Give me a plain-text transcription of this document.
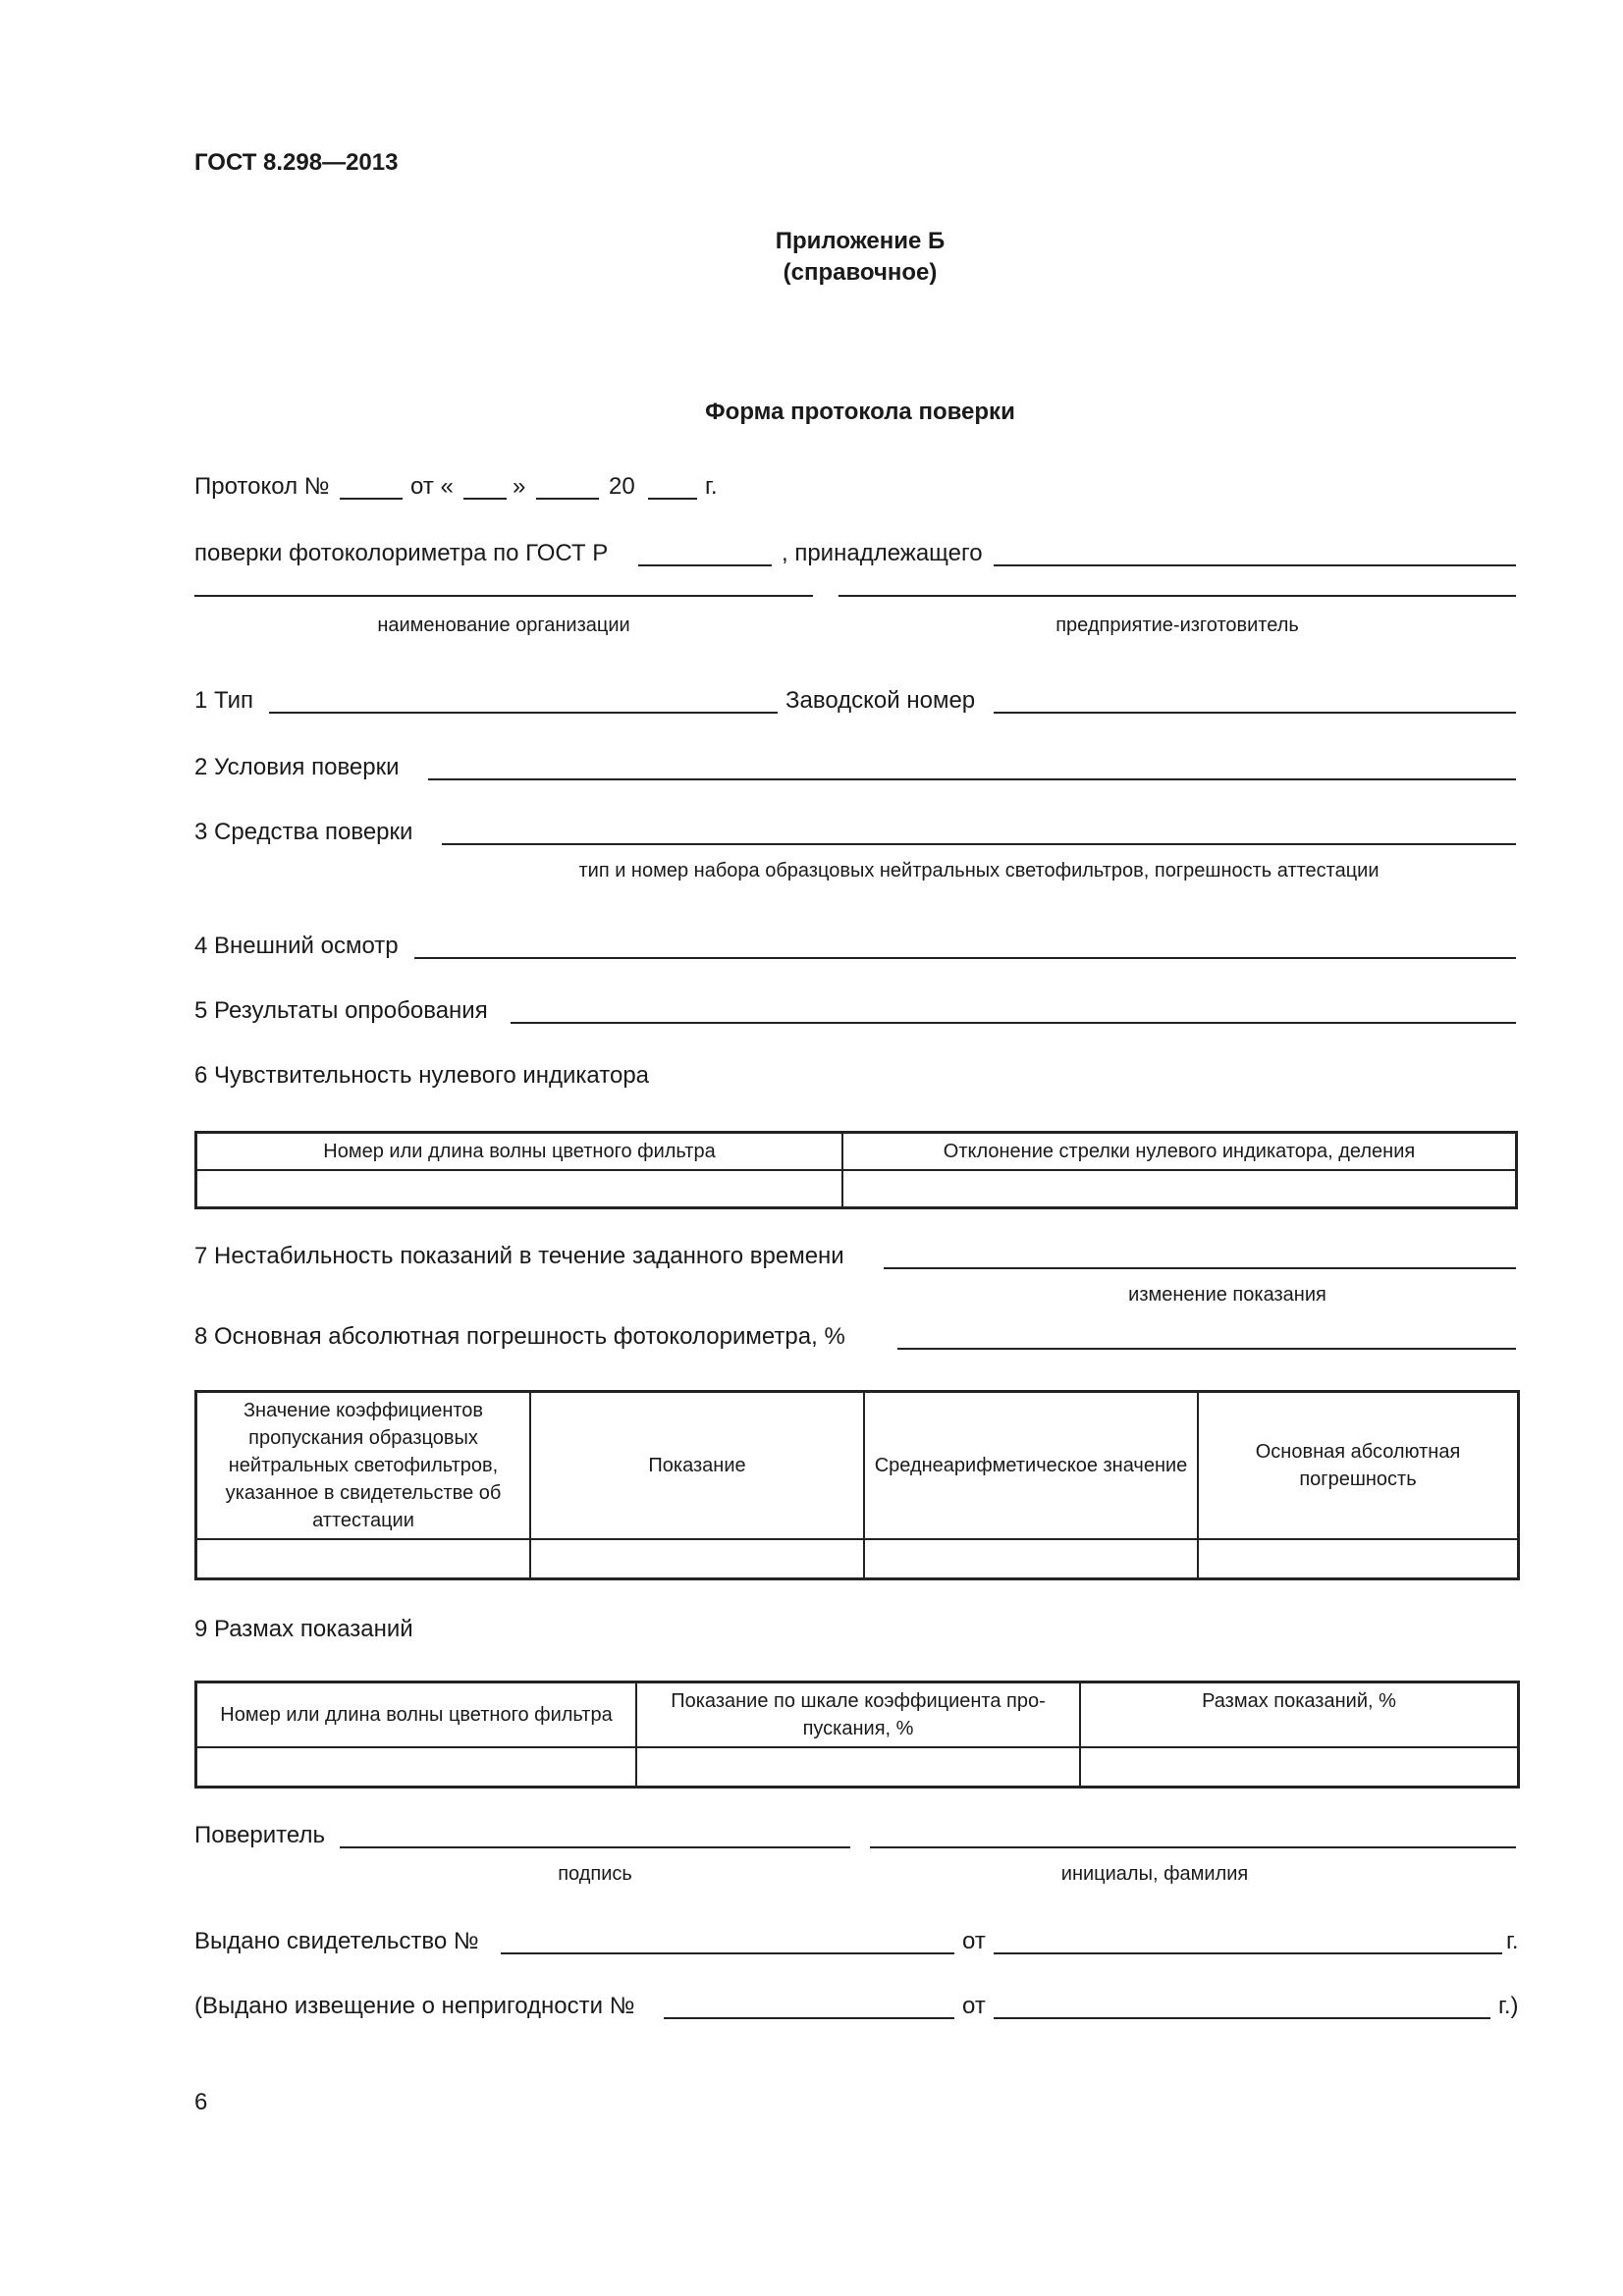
ГОСТ 8.298—2013
Приложение Б
(справочное)
Форма протокола поверки
Протокол №	от «	»	20	г.
поверки фотоколориметра по ГОСТ Р	, принадлежащего
наименование организации	предприятие-изготовитель
1 Тип	Заводской номер
2 Условия поверки
3 Средства поверки
тип и номер набора образцовых нейтральных светофильтров, погрешность аттестации
4 Внешний осмотр
5 Результаты опробования
6 Чувствительность нулевого индикатора
Номер или длина волны цветного фильтра	Отклонение стрелки нулевого индикатора, деления

7 Нестабильность показаний в течение заданного времени
изменение показания
8 Основная абсолютная погрешность фотоколориметра, %
Значение коэффициентов пропускания образцовых нейтральных светофильтров, указанное в свидетельстве об аттестации	Показание	Среднеарифметическое значение	Основная абсолютная погрешность

9 Размах показаний
Номер или длина волны цветного фильтра	Показание по шкале коэффициента про-пускания, %	Размах показаний, %

Поверитель
подпись	инициалы, фамилия
Выдано свидетельство №	от	г.
(Выдано извещение о непригодности №	от	г.)
6
